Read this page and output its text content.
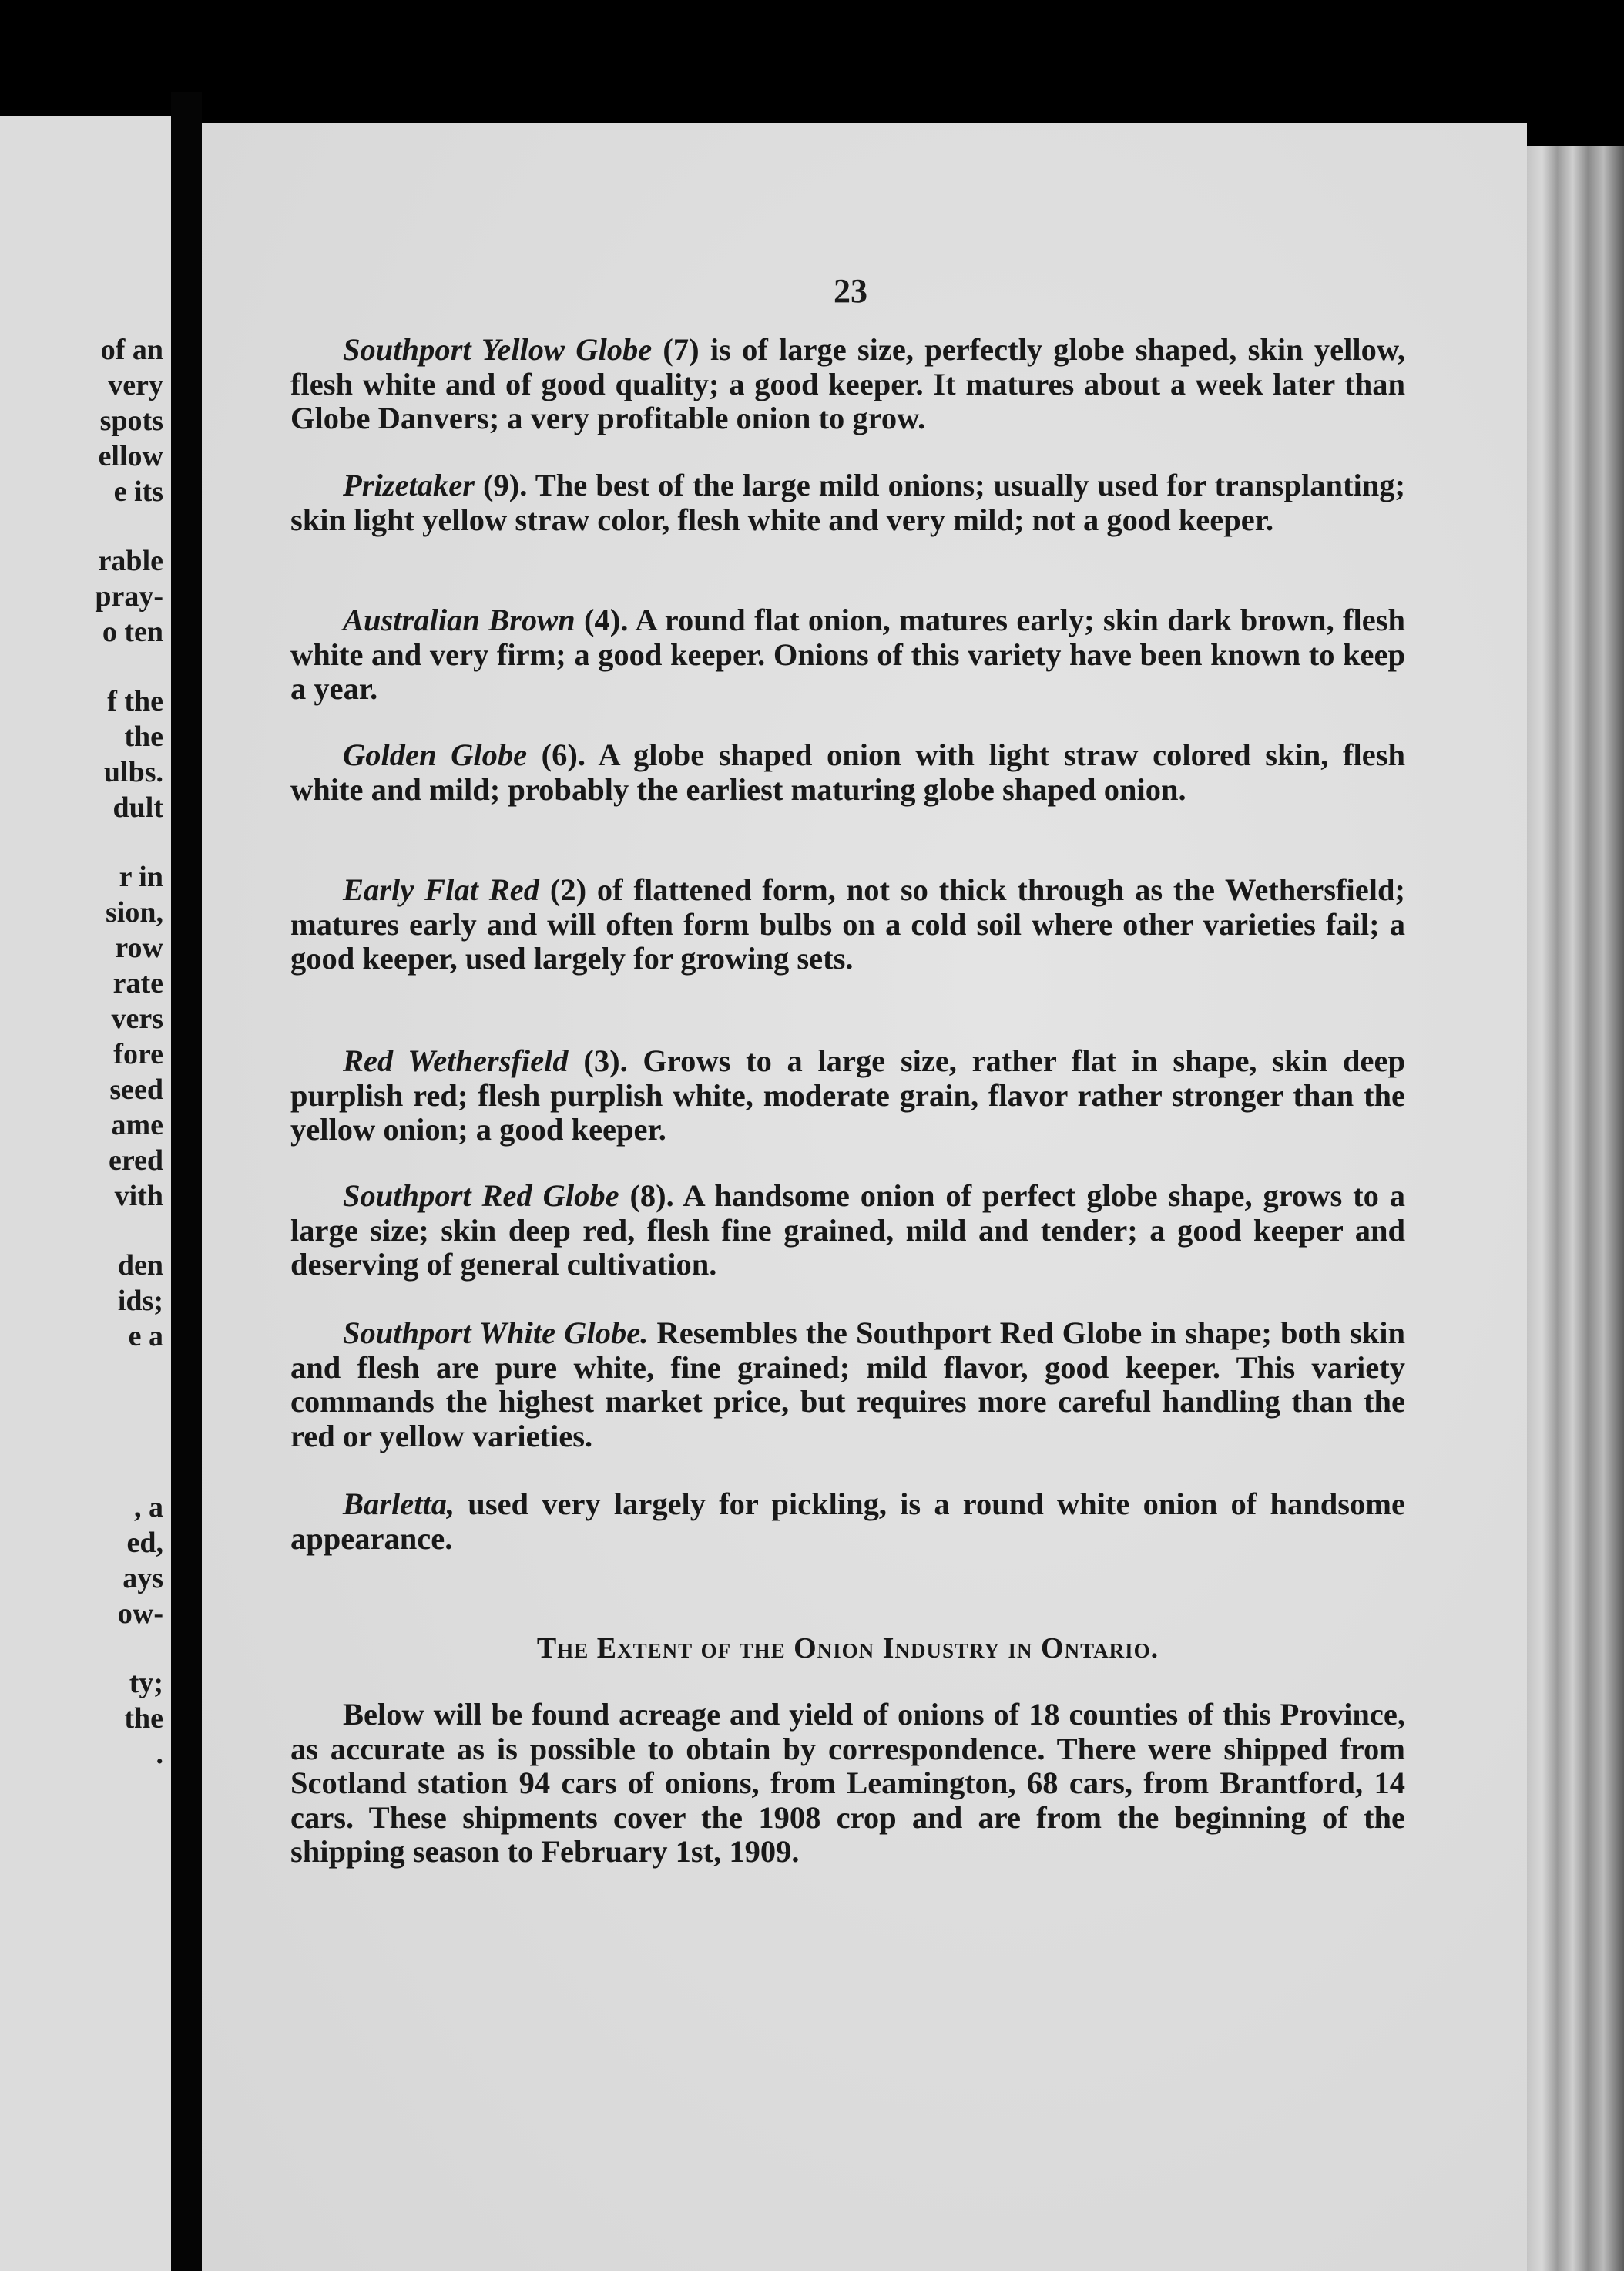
of an
very
spots
ellow
e its
rable
pray-
o ten
f the
the
ulbs.
dult
r in
sion,
row
rate
vers
fore
seed
ame
ered
vith
den
ids;
e a
, a
ed,
ays
ow-
ty;
the
.
23

Southport Yellow Globe (7) is of large size, perfectly globe shaped, skin yellow, flesh white and of good quality; a good keeper. It matures about a week later than Globe Danvers; a very profitable onion to grow.

Prizetaker (9). The best of the large mild onions; usually used for transplanting; skin light yellow straw color, flesh white and very mild; not a good keeper.

Australian Brown (4). A round flat onion, matures early; skin dark brown, flesh white and very firm; a good keeper. Onions of this variety have been known to keep a year.

Golden Globe (6). A globe shaped onion with light straw colored skin, flesh white and mild; probably the earliest maturing globe shaped onion.

Early Flat Red (2) of flattened form, not so thick through as the Wethersfield; matures early and will often form bulbs on a cold soil where other varieties fail; a good keeper, used largely for growing sets.

Red Wethersfield (3). Grows to a large size, rather flat in shape, skin deep purplish red; flesh purplish white, moderate grain, flavor rather stronger than the yellow onion; a good keeper.

Southport Red Globe (8). A handsome onion of perfect globe shape, grows to a large size; skin deep red, flesh fine grained, mild and tender; a good keeper and deserving of general cultivation.

Southport White Globe. Resembles the Southport Red Globe in shape; both skin and flesh are pure white, fine grained; mild flavor, good keeper. This variety commands the highest market price, but requires more careful handling than the red or yellow varieties.

Barletta, used very largely for pickling, is a round white onion of handsome appearance.

The Extent of the Onion Industry in Ontario.

Below will be found acreage and yield of onions of 18 counties of this Province, as accurate as is possible to obtain by correspondence. There were shipped from Scotland station 94 cars of onions, from Leamington, 68 cars, from Brantford, 14 cars. These shipments cover the 1908 crop and are from the beginning of the shipping season to February 1st, 1909.
